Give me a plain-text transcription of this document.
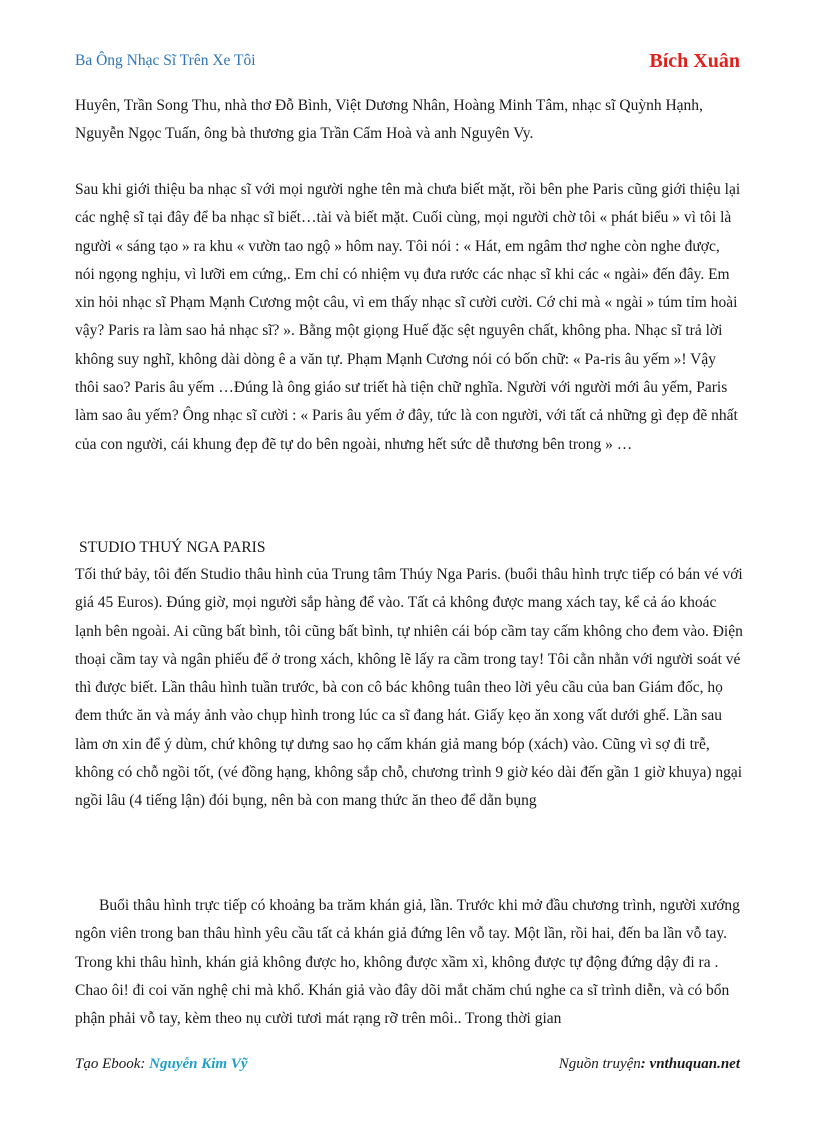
Ba Ông Nhạc Sĩ Trên Xe Tôi	Bích Xuân

Huyên, Trần Song Thu, nhà thơ Đỗ Bình, Việt Dương Nhân, Hoàng Minh Tâm, nhạc sĩ Quỳnh Hạnh, Nguyễn Ngọc Tuấn, ông bà thương gia Trần Cẩm Hoà và anh Nguyên Vy.

Sau khi giới thiệu ba nhạc sĩ với mọi người nghe tên mà chưa biết mặt, rồi bên phe Paris cũng giới thiệu lại các nghệ sĩ tại đây để ba nhạc sĩ biết…tài và biết mặt. Cuối cùng, mọi người chờ tôi « phát biểu » vì tôi là người « sáng tạo » ra khu « vườn tao ngộ » hôm nay. Tôi nói : « Hát, em ngâm thơ nghe còn nghe được, nói ngọng nghịu, vì lưỡi em cứng,. Em chỉ có nhiệm vụ đưa rước các nhạc sĩ khi các « ngài» đến đây. Em xin hỏi nhạc sĩ Phạm Mạnh Cương một câu, vì em thấy nhạc sĩ cười cười. Cớ chi mà « ngài » túm tỉm hoài vậy? Paris ra làm sao hả nhạc sĩ? ». Bằng một giọng Huế đặc sệt nguyên chất, không pha. Nhạc sĩ trả lời không suy nghĩ, không dài dòng ê a văn tự. Phạm Mạnh Cương nói có bốn chữ: « Pa-ris âu yếm »! Vậy thôi sao? Paris âu yếm …Đúng là ông giáo sư triết hà tiện chữ nghĩa. Người với người mới âu yếm, Paris làm sao âu yếm? Ông nhạc sĩ cười : « Paris âu yếm ở đây, tức là con người, với tất cả những gì đẹp đẽ nhất của con người, cái khung đẹp đẽ tự do bên ngoài, nhưng hết sức dễ thương bên trong » …

STUDIO THUÝ NGA PARIS

Tối thứ bảy, tôi đến Studio thâu hình của Trung tâm Thúy Nga Paris. (buổi thâu hình trực tiếp có bán vé với giá 45 Euros). Đúng giờ, mọi người sắp hàng để vào. Tất cả không được mang xách tay, kể cả áo khoác lạnh bên ngoài. Ai cũng bất bình, tôi cũng bất bình, tự nhiên cái bóp cầm tay cấm không cho đem vào. Điện thoại cầm tay và ngân phiếu để ở trong xách, không lẽ lấy ra cầm trong tay! Tôi cằn nhằn với người soát vé thì được biết. Lần thâu hình tuần trước, bà con cô bác không tuân theo lời yêu cầu của ban Giám đốc, họ đem thức ăn và máy ảnh vào chụp hình trong lúc ca sĩ đang hát. Giấy kẹo ăn xong vất dưới ghế. Lần sau làm ơn xin để ý dùm, chứ không tự dưng sao họ cấm khán giả mang bóp (xách) vào. Cũng vì sợ đi trễ, không có chỗ ngồi tốt, (vé đồng hạng, không sắp chỗ, chương trình 9 giờ kéo dài đến gần 1 giờ khuya) ngại ngồi lâu (4 tiếng lận) đói bụng, nên bà con mang thức ăn theo để dằn bụng

Buổi thâu hình trực tiếp có khoảng ba trăm khán giả, lần. Trước khi mở đầu chương trình, người xướng ngôn viên trong ban thâu hình yêu cầu tất cả khán giả đứng lên vỗ tay. Một lần, rồi hai, đến ba lần vỗ tay. Trong khi thâu hình, khán giả không được ho, không được xầm xì, không được tự động đứng dậy đi ra . Chao ôi! đi coi văn nghệ chi mà khổ. Khán giả vào đây dõi mắt chăm chú nghe ca sĩ trình diễn, và có bổn phận phải vỗ tay, kèm theo nụ cười tươi mát rạng rỡ trên môi.. Trong thời gian

Tạo Ebook: Nguyễn Kim Vỹ	Nguồn truyện: vnthuquan.net
